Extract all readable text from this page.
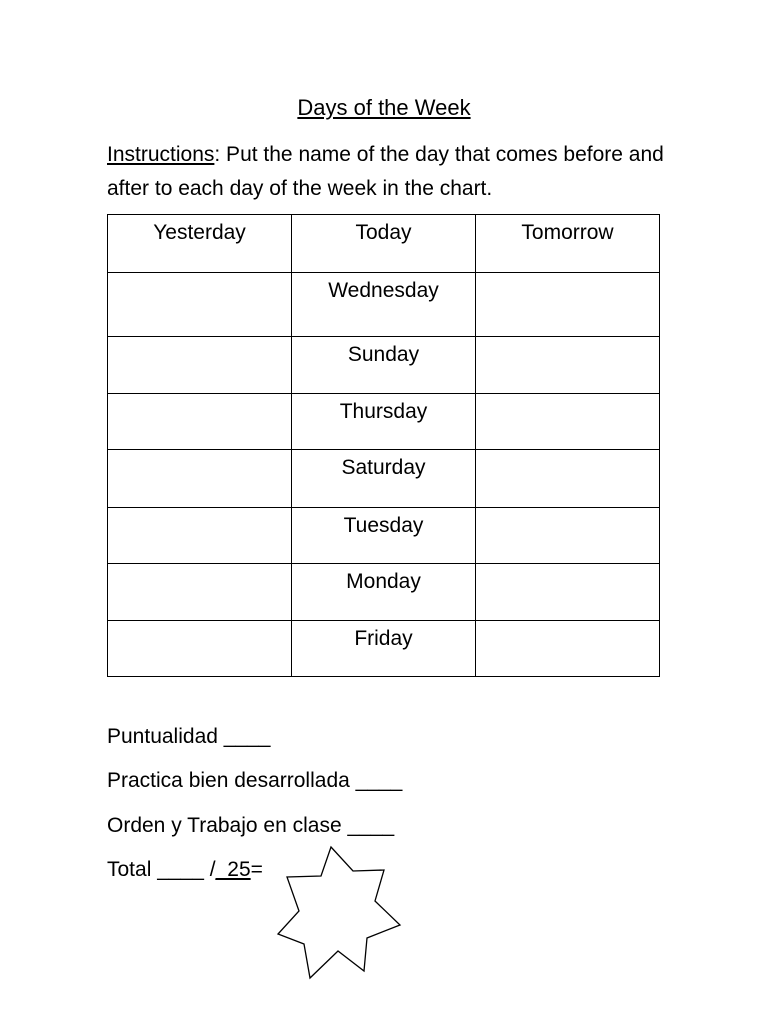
Days of the Week
Instructions: Put the name of the day that comes before and after to each day of the week in the chart.
Yesterday	Today	Tomorrow
	Wednesday	
	Sunday	
	Thursday	
	Saturday	
	Tuesday	
	Monday	
	Friday	
Puntualidad ____
Practica bien desarrollada ____
Orden y Trabajo en clase ____
Total ____ /_25=
